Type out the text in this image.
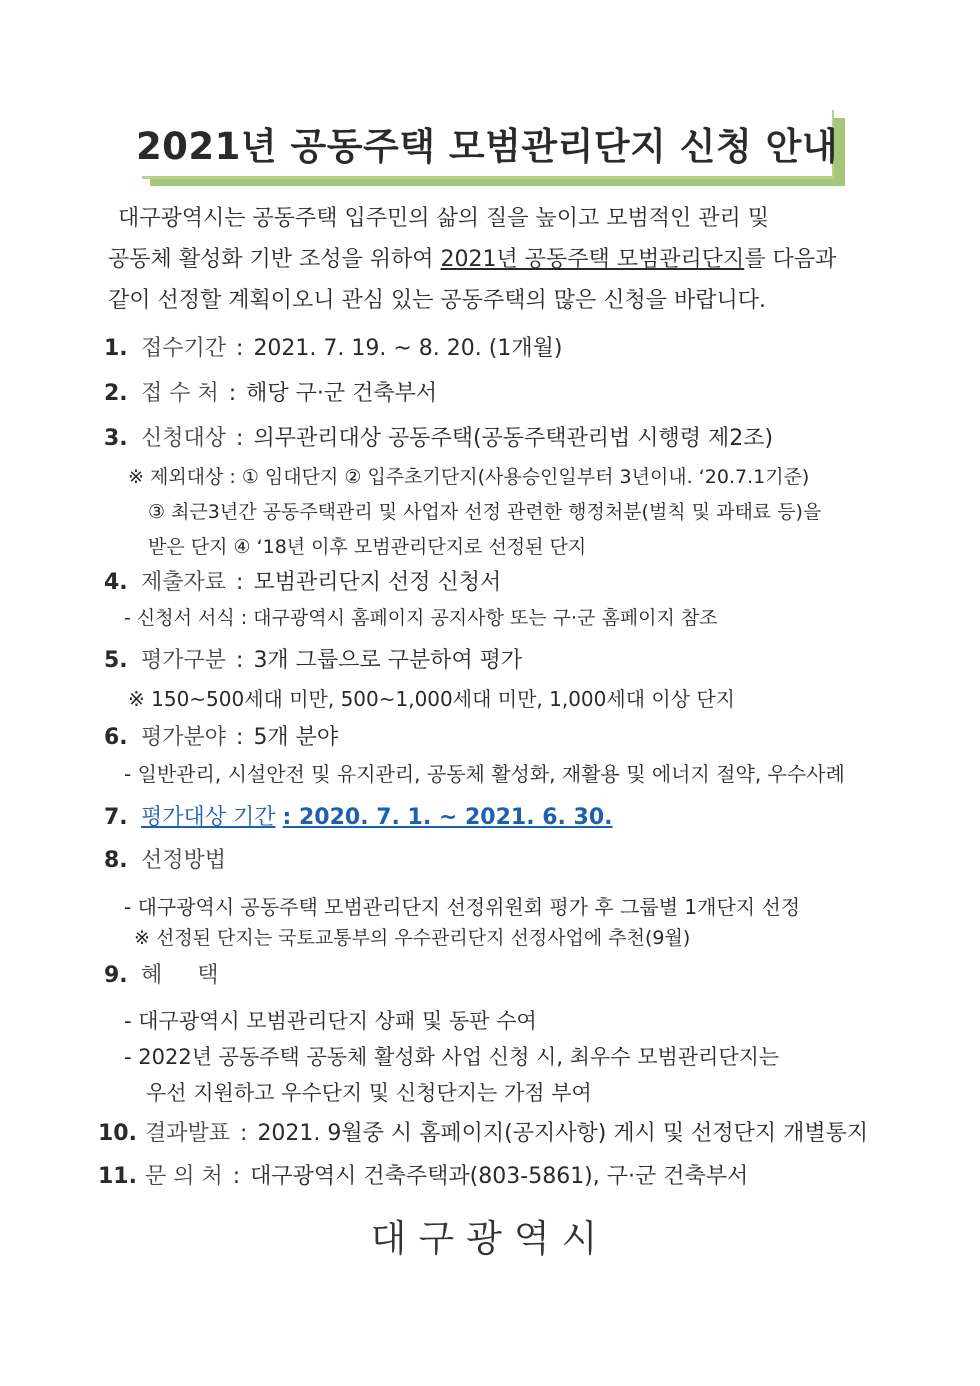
2021년 공동주택 모범관리단지 신청 안내
대구광역시는 공동주택 입주민의 삶의 질을 높이고 모범적인 관리 및
공동체 활성화 기반 조성을 위하여 2021년 공동주택 모범관리단지를 다음과
같이 선정할 계획이오니 관심 있는 공동주택의 많은 신청을 바랍니다.
1. 접수기간 : 2021. 7. 19. ~ 8. 20. (1개월)
2. 접 수 처 : 해당 구·군 건축부서
3. 신청대상 : 의무관리대상 공동주택(공동주택관리법 시행령 제2조)
※ 제외대상 : ① 임대단지 ② 입주초기단지(사용승인일부터 3년이내. ‘20.7.1기준)
③ 최근3년간 공동주택관리 및 사업자 선정 관련한 행정처분(벌칙 및 과태료 등)을
받은 단지 ④ ‘18년 이후 모범관리단지로 선정된 단지
4. 제출자료 : 모범관리단지 선정 신청서
- 신청서 서식 : 대구광역시 홈페이지 공지사항 또는 구·군 홈페이지 참조
5. 평가구분 : 3개 그룹으로 구분하여 평가
※ 150~500세대 미만, 500~1,000세대 미만, 1,000세대 이상 단지
6. 평가분야 : 5개 분야
- 일반관리, 시설안전 및 유지관리, 공동체 활성화, 재활용 및 에너지 절약, 우수사례
7. 평가대상 기간 : 2020. 7. 1. ~ 2021. 6. 30.
8. 선정방법
- 대구광역시 공동주택 모범관리단지 선정위원회 평가 후 그룹별 1개단지 선정
※ 선정된 단지는 국토교통부의 우수관리단지 선정사업에 추천(9월)
9. 혜     택
- 대구광역시 모범관리단지 상패 및 동판 수여
- 2022년 공동주택 공동체 활성화 사업 신청 시, 최우수 모범관리단지는
우선 지원하고 우수단지 및 신청단지는 가점 부여
10. 결과발표 : 2021. 9월중 시 홈페이지(공지사항) 게시 및 선정단지 개별통지
11. 문 의 처 : 대구광역시 건축주택과(803-5861), 구·군 건축부서
대구광역시
